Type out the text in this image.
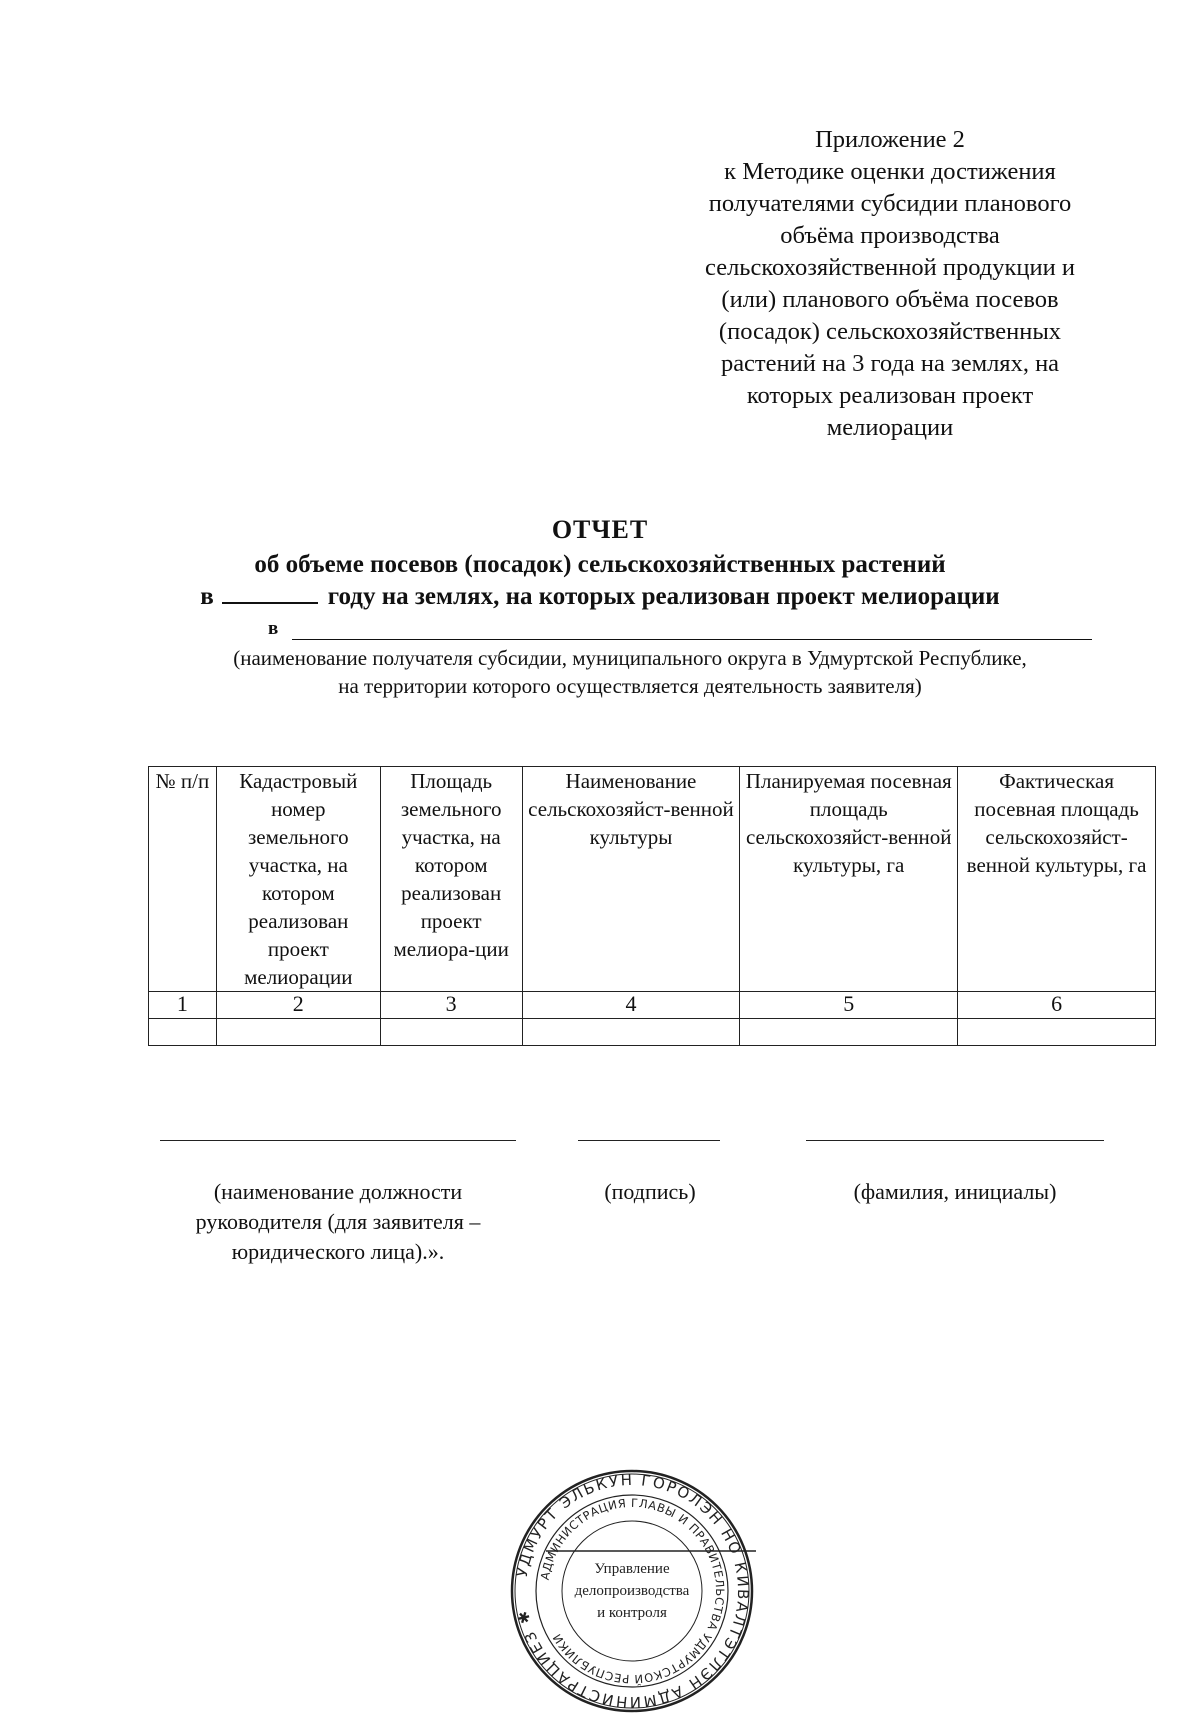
Приложение 2
к Методике оценки достижения
получателями субсидии планового
объёма производства
сельскохозяйственной продукции и
(или) планового объёма посевов
(посадок) сельскохозяйственных
растений на 3 года на землях, на
которых реализован проект
мелиорации
ОТЧЕТ
об объеме посевов (посадок) сельскохозяйственных растений
в	году на землях, на которых реализован проект мелиорации
в
(наименование получателя субсидии, муниципального округа в Удмуртской Республике,
на территории которого осуществляется деятельность заявителя)
№ п/п	Кадастровый номер земельного участка, на котором реализован проект мелиорации	Площадь земельного участка, на котором реализован проект мелиора-ции	Наименование сельскохозяйст-венной культуры	Планируемая посевная площадь сельскохозяйст-венной культуры, га	Фактическая посевная площадь сельскохозяйст-венной культуры, га
1	2	3	4	5	6

(наименование должности руководителя (для заявителя – юридического лица).».
(подпись)	(фамилия, инициалы)
УДМУРТ ЭЛЬКУН ГОРОЛЭН НО КИВАЛТЭТЛЭН АДМИНИСТРАЦИЕЗ ✱
АДМИНИСТРАЦИЯ ГЛАВЫ И ПРАВИТЕЛЬСТВА УДМУРТСКОЙ РЕСПУБЛИКИ
Управление
делопроизводства
и контроля
